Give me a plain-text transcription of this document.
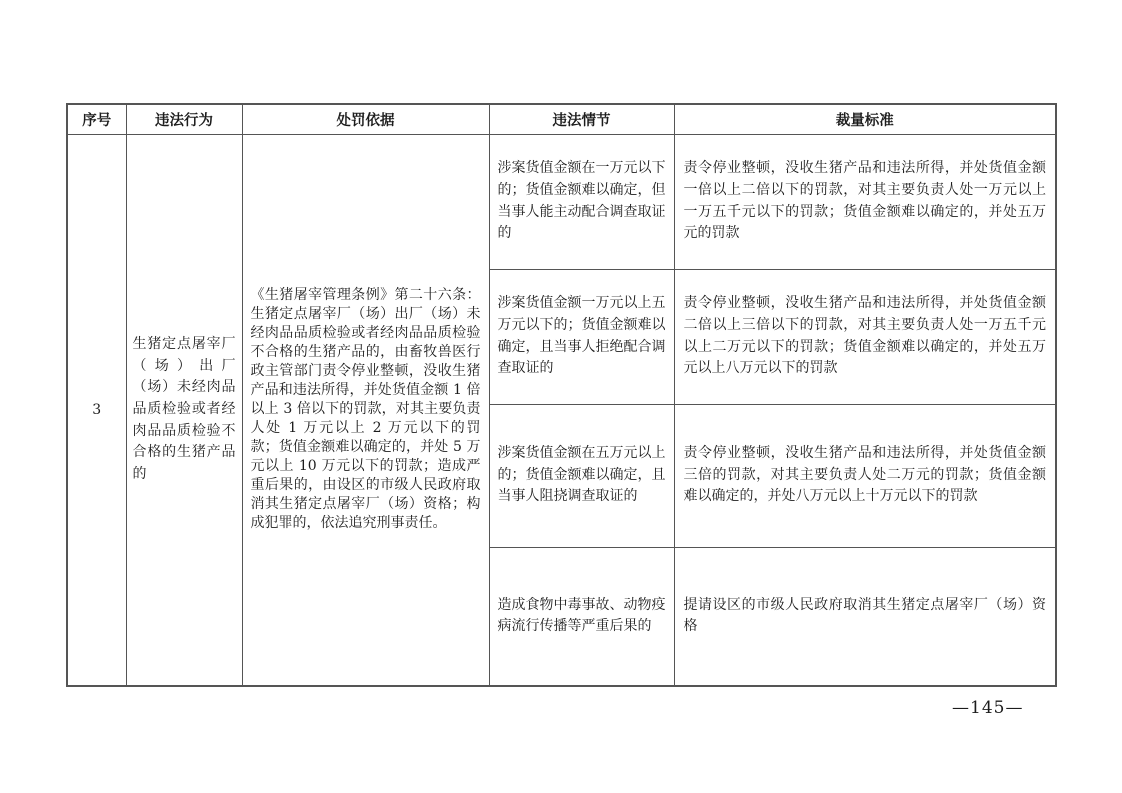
序号	违法行为	处罚依据	违法情节	裁量标准
3	生猪定点屠宰厂（场）出厂（场）未经肉品品质检验或者经肉品品质检验不合格的生猪产品的	《生猪屠宰管理条例》第二十六条：生猪定点屠宰厂（场）出厂（场）未经肉品品质检验或者经肉品品质检验不合格的生猪产品的，由畜牧兽医行政主管部门责令停业整顿，没收生猪产品和违法所得，并处货值金额 1 倍以上 3 倍以下的罚款，对其主要负责人处 1 万元以上 2 万元以下的罚款；货值金额难以确定的，并处 5 万元以上 10 万元以下的罚款；造成严重后果的，由设区的市级人民政府取消其生猪定点屠宰厂（场）资格；构成犯罪的，依法追究刑事责任。	涉案货值金额在一万元以下的；货值金额难以确定，但当事人能主动配合调查取证的	责令停业整顿，没收生猪产品和违法所得，并处货值金额一倍以上二倍以下的罚款，对其主要负责人处一万元以上一万五千元以下的罚款；货值金额难以确定的，并处五万元的罚款
			涉案货值金额一万元以上五万元以下的；货值金额难以确定，且当事人拒绝配合调查取证的	责令停业整顿，没收生猪产品和违法所得，并处货值金额二倍以上三倍以下的罚款，对其主要负责人处一万五千元以上二万元以下的罚款；货值金额难以确定的，并处五万元以上八万元以下的罚款
			涉案货值金额在五万元以上的；货值金额难以确定，且当事人阻挠调查取证的	责令停业整顿，没收生猪产品和违法所得，并处货值金额三倍的罚款，对其主要负责人处二万元的罚款；货值金额难以确定的，并处八万元以上十万元以下的罚款
			造成食物中毒事故、动物疫病流行传播等严重后果的	提请设区的市级人民政府取消其生猪定点屠宰厂（场）资格
—145—
